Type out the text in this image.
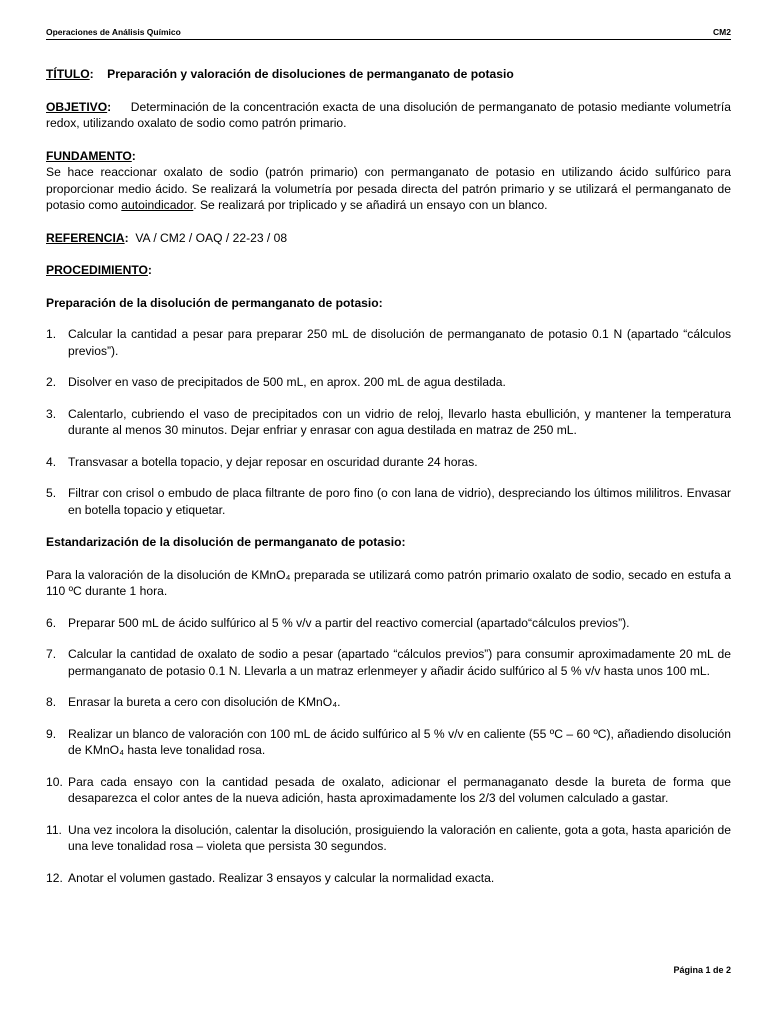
Operaciones de Análisis Químico	CM2

TÍTULO:    Preparación y valoración de disoluciones de permanganato de potasio

OBJETIVO: Determinación de la concentración exacta de una disolución de permanganato de potasio mediante volumetría redox, utilizando oxalato de sodio como patrón primario.

FUNDAMENTO:

Se hace reaccionar oxalato de sodio (patrón primario) con permanganato de potasio en utilizando ácido sulfúrico para proporcionar medio ácido. Se realizará la volumetría por pesada directa del patrón primario y se utilizará el permanganato de potasio como autoindicador. Se realizará por triplicado y se añadirá un ensayo con un blanco.

REFERENCIA: VA / CM2 / OAQ / 22-23 / 08

PROCEDIMIENTO:

Preparación de la disolución de permanganato de potasio:

1. Calcular la cantidad a pesar para preparar 250 mL de disolución de permanganato de potasio 0.1 N (apartado “cálculos previos”).
2. Disolver en vaso de precipitados de 500 mL, en aprox. 200 mL de agua destilada.
3. Calentarlo, cubriendo el vaso de precipitados con un vidrio de reloj, llevarlo hasta ebullición, y mantener la temperatura durante al menos 30 minutos. Dejar enfriar y enrasar con agua destilada en matraz de 250 mL.
4. Transvasar a botella topacio, y dejar reposar en oscuridad durante 24 horas.
5. Filtrar con crisol o embudo de placa filtrante de poro fino (o con lana de vidrio), despreciando los últimos mililitros. Envasar en botella topacio y etiquetar.

Estandarización de la disolución de permanganato de potasio:

Para la valoración de la disolución de KMnO₄ preparada se utilizará como patrón primario oxalato de sodio, secado en estufa a 110 ºC durante 1 hora.

6. Preparar 500 mL de ácido sulfúrico al 5 % v/v a partir del reactivo comercial (apartado“cálculos previos”).
7. Calcular la cantidad de oxalato de sodio a pesar (apartado “cálculos previos”) para consumir aproximadamente 20 mL de permanganato de potasio 0.1 N. Llevarla a un matraz erlenmeyer y añadir ácido sulfúrico al 5 % v/v hasta unos 100 mL.
8. Enrasar la bureta a cero con disolución de KMnO₄.
9. Realizar un blanco de valoración con 100 mL de ácido sulfúrico al 5 % v/v en caliente (55 ºC – 60 ºC), añadiendo disolución de KMnO₄ hasta leve tonalidad rosa.
10. Para cada ensayo con la cantidad pesada de oxalato, adicionar el permanaganato desde la bureta de forma que desaparezca el color antes de la nueva adición, hasta aproximadamente los 2/3 del volumen calculado a gastar.
11. Una vez incolora la disolución, calentar la disolución, prosiguiendo la valoración en caliente, gota a gota, hasta aparición de una leve tonalidad rosa – violeta que persista 30 segundos.
12. Anotar el volumen gastado. Realizar 3 ensayos y calcular la normalidad exacta.
Página 1 de 2
